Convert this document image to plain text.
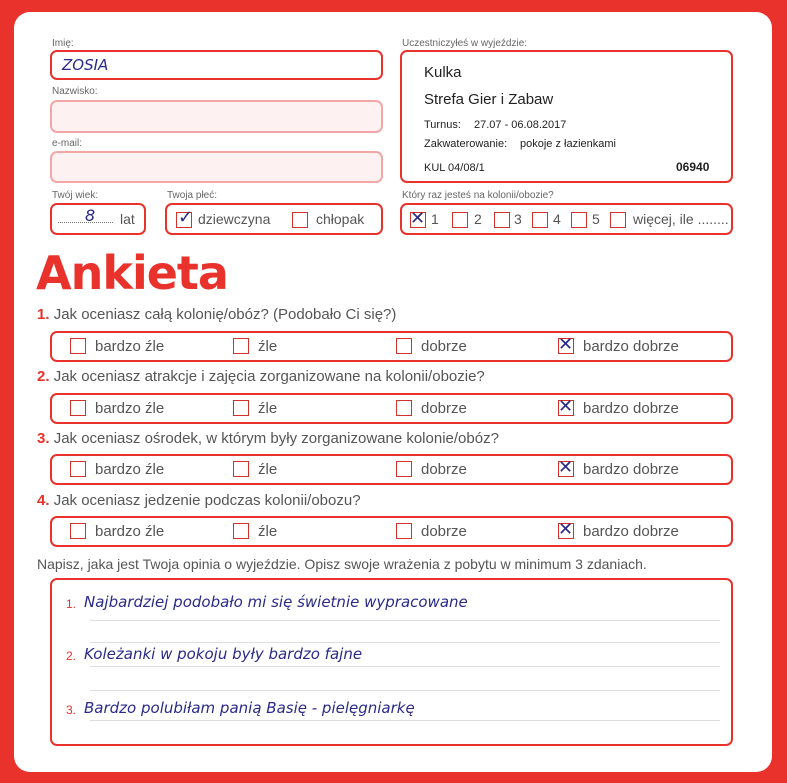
Imię:
ZOSIA
Nazwisko:
e-mail:
Twój wiek:
8 lat
Twoja płeć:
✓
dziewczyna	chłopak
Uczestniczyłeś w wyjeździe:
Kulka
Strefa Gier i Zabaw
Turnus: 27.07 - 06.08.2017
Zakwaterowanie: pokoje z łazienkami
KUL 04/08/1	06940
Który raz jesteś na kolonii/obozie?
✕
1	2 3 4 5 więcej, ile ........
Ankieta
1. Jak oceniasz całą kolonię/obóz? (Podobało Ci się?)
2. Jak oceniasz atrakcje i zajęcia zorganizowane na kolonii/obozie?
3. Jak oceniasz ośrodek, w którym były zorganizowane kolonie/obóz?
4. Jak oceniasz jedzenie podczas kolonii/obozu?
bardzo źle	źle	dobrze ✕	bardzo dobrze
bardzo źle	źle	dobrze ✕	bardzo dobrze
bardzo źle	źle	dobrze ✕	bardzo dobrze
bardzo źle	źle	dobrze ✕	bardzo dobrze
Napisz, jaka jest Twoja opinia o wyjeździe. Opisz swoje wrażenia z pobytu w minimum 3 zdaniach.
1. Najbardziej podobało mi się świetnie wypracowane
2. Koleżanki w pokoju były bardzo fajne
3. Bardzo polubiłam panią Basię - pielęgniarkę
